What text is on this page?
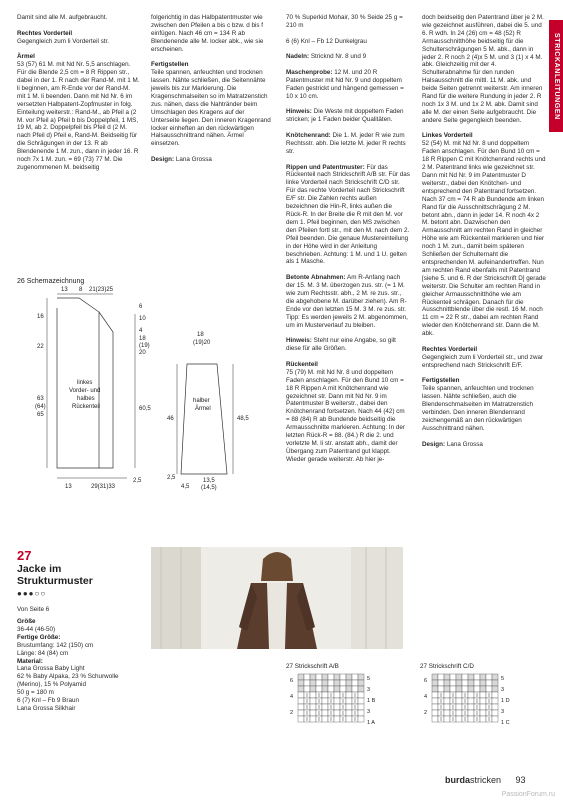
STRICKANLEITUNGEN

Damit sind alle M. aufgebraucht.

Rechtes Vorderteil

Gegengleich zum li Vorderteil str.

Ärmel

53 (57) 61 M. mit Nd Nr. 5,5 anschlagen. Für die Blende 2,5 cm = 8 R Rippen str., dabei in der 1. R nach der Rand-M. mit 1 M. li beginnen, am R-Ende vor der Rand-M. mit 1 M. li beenden. Dann mit Nd Nr. 6 im versetzten Halbpatent-Zopfmuster in folg. Einteilung weiterstr.: Rand-M., ab Pfeil a (2 M. vor Pfeil a) Pfeil b bis Doppelpfeil, 1 MS, 19 M, ab 2. Doppelpfeil bis Pfeil d (2 M. nach Pfeil d) Pfeil e, Rand-M. Beidseitig für die Schrägungen in der 13. R ab Blendenende 1 M. zun., dann in jeder 16. R noch 7x 1 M. zun. = 69 (73) 77 M. Die zugenommenen M. beidseitig

folgerichtig in das Halbpatentmuster wie zwischen den Pfeilen a bis c bzw. d bis f einfügen. Nach 46 cm = 134 R ab Blendenende alle M. locker abk., wie sie erscheinen.

Fertigstellen

Teile spannen, anfeuchten und trocknen lassen. Nähte schließen, die Seitennähte jeweils bis zur Markierung. Die Kragenschmalseiten so im Matratzenstich zus. nähen, dass die Nahtränder beim Umschlagen des Kragens auf der Unterseite liegen. Den inneren Kragenrand locker einheften an den rückwärtigen Halsausschnittrand nähen. Ärmel einsetzen.

Design: Lana Grossa

70 % Superkid Mohair, 30 % Seide 25 g = 210 m

6 (6) Knl – Fb 12 Dunkelgrau

Nadeln: Stricknd Nr. 8 und 9

Maschenprobe: 12 M. und 20 R Patentmuster mit Nd Nr. 9 und doppeltem Faden gestrickt und hängend gemessen = 10 x 10 cm.

Hinweis: Die Weste mit doppeltem Faden stricken; je 1 Faden beider Qualitäten.

Knötchenrand: Die 1. M. jeder R wie zum Rechtsstr. abh. Die letzte M. jeder R rechts str.

Rippen und Patentmuster: Für das Rückenteil nach Strickschrift A/B str. Für das linke Vorderteil nach Strickschrift C/D str. Für das rechte Vorderteil nach Strickschrift E/F str. Die Zahlen rechts außen bezeichnen die Hin-R, links außen die Rück-R. In der Breite die R mit den M. vor dem 1. Pfeil beginnen, den MS zwischen den Pfeilen fortl str., mit den M. nach dem 2. Pfeil beenden. Die genaue Mustereinteilung in der Höhe wird in der Anleitung beschrieben. Achtung: 1 M. und 1 U. gelten als 1 Masche.

Betonte Abnahmen: Am R-Anfang nach der 15. M. 3 M. überzogen zus. str. (= 1 M. wie zum Rechtsstr. abh., 2 M. re zus. str., die abgehobene M. darüber ziehen). Am R-Ende vor den letzten 15 M. 3 M. re zus. str. Tipp: Es werden jeweils 2 M. abgenommen, um im Musterverlauf zu bleiben.

Hinweis: Steht nur eine Angabe, so gilt diese für alle Größen.

Rückenteil

75 (79) M. mit Nd Nr. 8 und doppeltem Faden anschlagen. Für den Bund 10 cm = 18 R Rippen A mit Knötchenrand wie gezeichnet str. Dann mit Nd Nr. 9 im Patentmuster B weiterstr., dabei den Knötchenrand fortsetzen. Nach 44 (42) cm = 88 (84) R ab Bundende beidseitig die Armausschnitte markieren. Achtung: In der letzten Rück-R = 88. (84.) R die 2. und vorletzte M. li str. anstatt abh., damit der Übergang zum Patentrand gut klappt. Wieder gerade weiterstr. Ab hier je-

doch beidseitig den Patentrand über je 2 M. wie gezeichnet ausführen, dabei die 5. und 6. R wdh. In 24 (26) cm = 48 (52) R Armausschnitthöhe beidseitig für die Schulterschrägungen 5 M. abk., dann in jeder 2. R noch 2 (4)x 5 M. und 3 (1) x 4 M. abk. Gleichzeitig mit der 4. Schulterabnahme für den runden Halsausschnitt die mittl. 11 M. abk. und beide Seiten getrennt weiterstr. Am inneren Rand für die weitere Rundung in jeder 2. R noch 1x 3 M. und 1x 2 M. abk. Damit sind alle M. der einen Seite aufgebraucht. Die andere Seite gegengleich beenden.

Linkes Vorderteil

52 (54) M. mit Nd Nr. 8 und doppeltem Faden anschlagen. Für den Bund 10 cm = 18 R Rippen C mit Knötchenrand rechts und 2 M. Patentrand links wie gezeichnet str. Dann mit Nd Nr. 9 im Patentmuster D weiterstr., dabei den Knötchen- und entsprechend den Patentrand fortsetzen. Nach 37 cm = 74 R ab Bundende am linken Rand für die Ausschnittschrägung 2 M. betont abn., dann in jeder 14. R noch 4x 2 M. betont abn. Dazwischen den Armausschnitt am rechten Rand in gleicher Höhe wie am Rückenteil markieren und hier noch 1 M. zun., damit beim späteren Schließen der Schulternaht die entsprechenden M. aufeinandertreffen. Nun am rechten Rand ebenfalls mit Patentrand [siehe 5. und 6. R der Strickschrift D] gerade weiterstr. Die Schulter am rechten Rand in gleicher Armausschnitthöhe wie am Rückenteil schrägen. Danach für die Ausschnittblende über die restl. 16 M. noch 11 cm = 22 R str., dabei am rechten Rand wieder den Knötchenrand str. Dann die M. abk.

Rechtes Vorderteil

Gegengleich zum li Vorderteil str., und zwar entsprechend nach Strickschrift E/F.

Fertigstellen

Teile spannen, anfeuchten und trocknen lassen. Nähte schließen, auch die Blendenschmalseiten im Matratzenstich verbinden. Den inneren Blendenrand zeichengemäß an den rückwärtigen Ausschnittrand nähen.

Design: Lana Grossa

26 Schemazeichnung
13 8 21(23)25
16
22
63 (64) 65
6
10
4
18 (19) 20
60,5
linkes Vorder- und halbes Rückenteil
13	29(31)33
2,5
18 (19)20
halber Ärmel
46	48,5
2,5
4,5
13,5 (14,5)
27
Jacke im Strukturmuster
●●●○○
Von Seite 6
Größe
36-44 (46-50)
Fertige Größe:
Brustumfang: 142 (150) cm
Länge: 84 (84) cm
Material:
Lana Grossa Baby Light
62 % Baby Alpaka, 23 % Schurwolle (Merino), 15 % Polyamid
50 g = 180 m
6 (7) Knl – Fb 9 Braun
Lana Grossa Silkhair
27 Strickschrift A/B
6
4
2
5
3
1 B
3
1 A
27 Strickschrift C/D
6
4
2
5
3
1 D
3
1 C
burdastricken 93
PassionForum.ru
